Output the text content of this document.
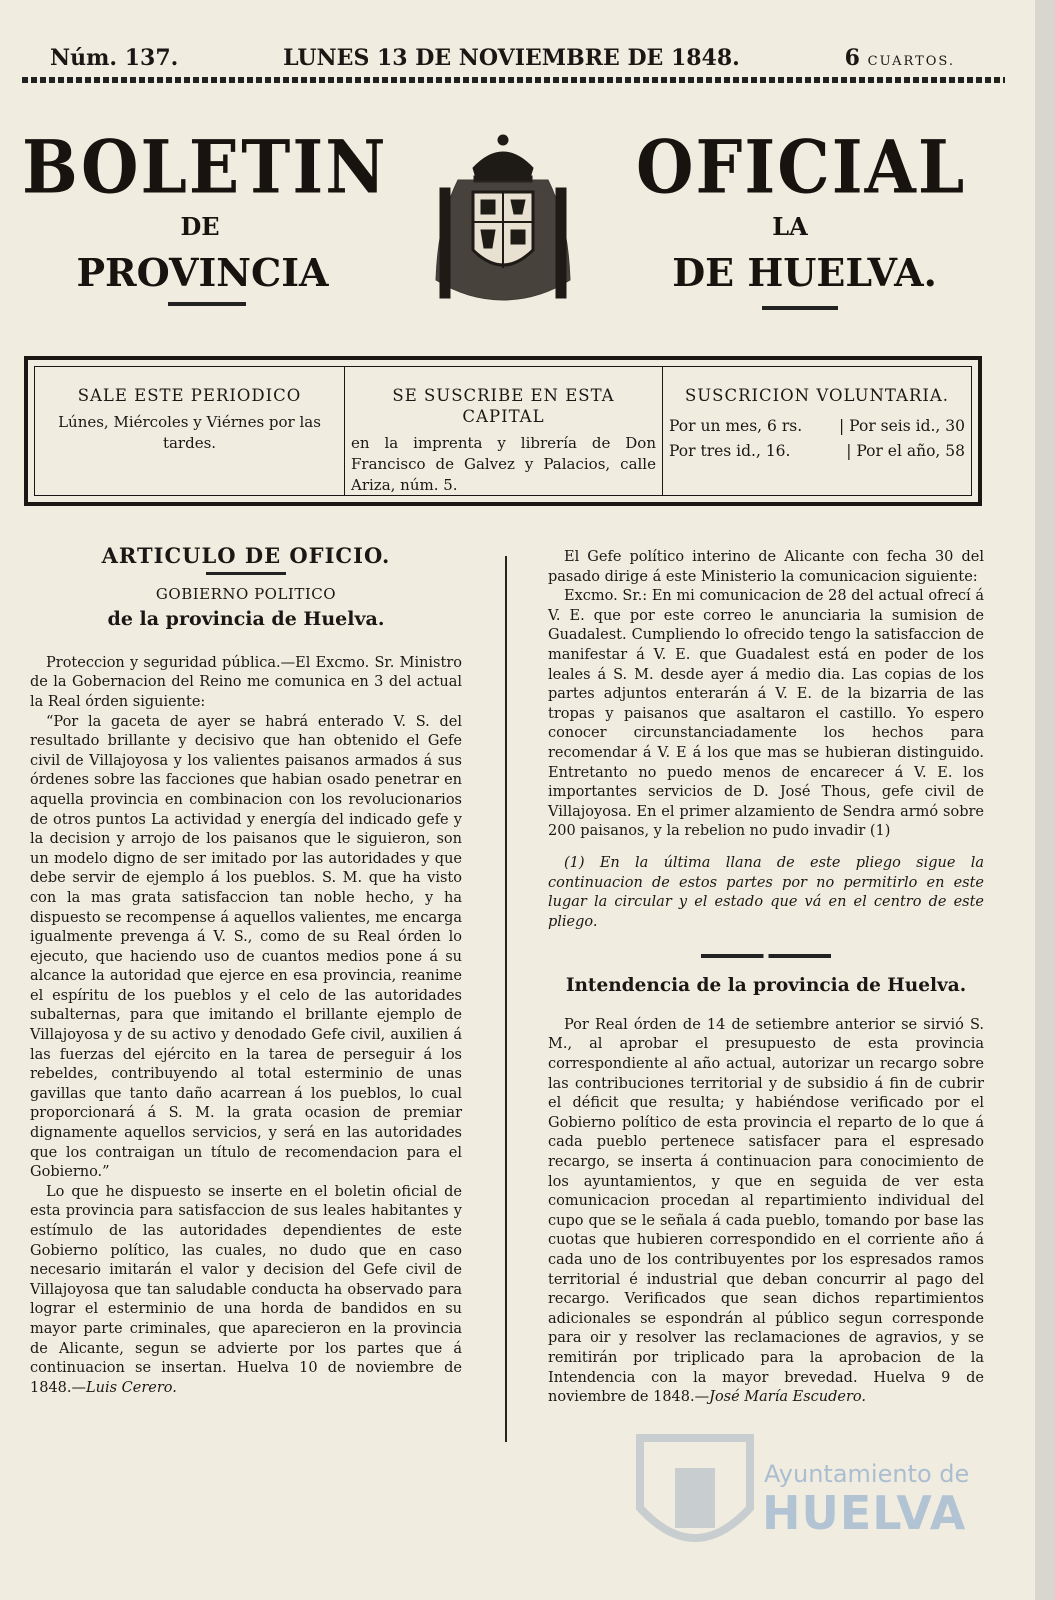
Núm. 137.	LUNES 13 DE NOVIEMBRE DE 1848.	6 CUARTOS.
BOLETIN	OFICIAL
DE	LA
PROVINCIA	DE HUELVA.
SALE ESTE PERIODICO
Lúnes, Miércoles y Viérnes por las tardes.
SE SUSCRIBE EN ESTA CAPITAL

en la imprenta y librería de Don Francisco de Galvez y Palacios, calle Ariza, núm. 5.

SUSCRICION VOLUNTARIA.
Por un mes, 6 rs. | Por seis id., 30
Por tres id., 16.	| Por el año, 58
ARTICULO DE OFICIO.
GOBIERNO POLITICO
de la provincia de Huelva.

Proteccion y seguridad pública.—El Excmo. Sr. Ministro de la Gobernacion del Reino me comunica en 3 del actual la Real órden siguiente:

“Por la gaceta de ayer se habrá enterado V. S. del resultado brillante y decisivo que han obtenido el Gefe civil de Villajoyosa y los valientes paisanos armados á sus órdenes sobre las facciones que habian osado penetrar en aquella provincia en combinacion con los revolucionarios de otros puntos La actividad y energía del indicado gefe y la decision y arrojo de los paisanos que le siguieron, son un modelo digno de ser imitado por las autoridades y que debe servir de ejemplo á los pueblos. S. M. que ha visto con la mas grata satisfaccion tan noble hecho, y ha dispuesto se recompense á aquellos valientes, me encarga igualmente prevenga á V. S., como de su Real órden lo ejecuto, que haciendo uso de cuantos medios pone á su alcance la autoridad que ejerce en esa provincia, reanime el espíritu de los pueblos y el celo de las autoridades subalternas, para que imitando el brillante ejemplo de Villajoyosa y de su activo y denodado Gefe civil, auxilien á las fuerzas del ejército en la tarea de perseguir á los rebeldes, contribuyendo al total esterminio de unas gavillas que tanto daño acarrean á los pueblos, lo cual proporcionará á S. M. la grata ocasion de premiar dignamente aquellos servicios, y será en las autoridades que los contraigan un título de recomendacion para el Gobierno.”

Lo que he dispuesto se inserte en el boletin oficial de esta provincia para satisfaccion de sus leales habitantes y estímulo de las autoridades dependientes de este Gobierno político, las cuales, no dudo que en caso necesario imitarán el valor y decision del Gefe civil de Villajoyosa que tan saludable conducta ha observado para lograr el esterminio de una horda de bandidos en su mayor parte criminales, que aparecieron en la provincia de Alicante, segun se advierte por los partes que á continuacion se insertan. Huelva 10 de noviembre de 1848.—Luis Cerero.

El Gefe político interino de Alicante con fecha 30 del pasado dirige á este Ministerio la comunicacion siguiente:

Excmo. Sr.: En mi comunicacion de 28 del actual ofrecí á V. E. que por este correo le anunciaria la sumision de Guadalest. Cumpliendo lo ofrecido tengo la satisfaccion de manifestar á V. E. que Guadalest está en poder de los leales á S. M. desde ayer á medio dia. Las copias de los partes adjuntos enterarán á V. E. de la bizarria de las tropas y paisanos que asaltaron el castillo. Yo espero conocer circunstanciadamente los hechos para recomendar á V. E á los que mas se hubieran distinguido. Entretanto no puedo menos de encarecer á V. E. los importantes servicios de D. José Thous, gefe civil de Villajoyosa. En el primer alzamiento de Sendra armó sobre 200 paisanos, y la rebelion no pudo invadir (1)

(1) En la última llana de este pliego sigue la continuacion de estos partes por no permitirlo en este lugar la circular y el estado que vá en el centro de este pliego.

Intendencia de la provincia de Huelva.

Por Real órden de 14 de setiembre anterior se sirvió S. M., al aprobar el presupuesto de esta provincia correspondiente al año actual, autorizar un recargo sobre las contribuciones territorial y de subsidio á fin de cubrir el déficit que resulta; y habiéndose verificado por el Gobierno político de esta provincia el reparto de lo que á cada pueblo pertenece satisfacer para el espresado recargo, se inserta á continuacion para conocimiento de los ayuntamientos, y que en seguida de ver esta comunicacion procedan al repartimiento individual del cupo que se le señala á cada pueblo, tomando por base las cuotas que hubieren correspondido en el corriente año á cada uno de los contribuyentes por los espresados ramos territorial é industrial que deban concurrir al pago del recargo. Verificados que sean dichos repartimientos adicionales se espondrán al público segun corresponde para oir y resolver las reclamaciones de agravios, y se remitirán por triplicado para la aprobacion de la Intendencia con la mayor brevedad. Huelva 9 de noviembre de 1848.—José María Escudero.

Ayuntamiento de
HUELVA
